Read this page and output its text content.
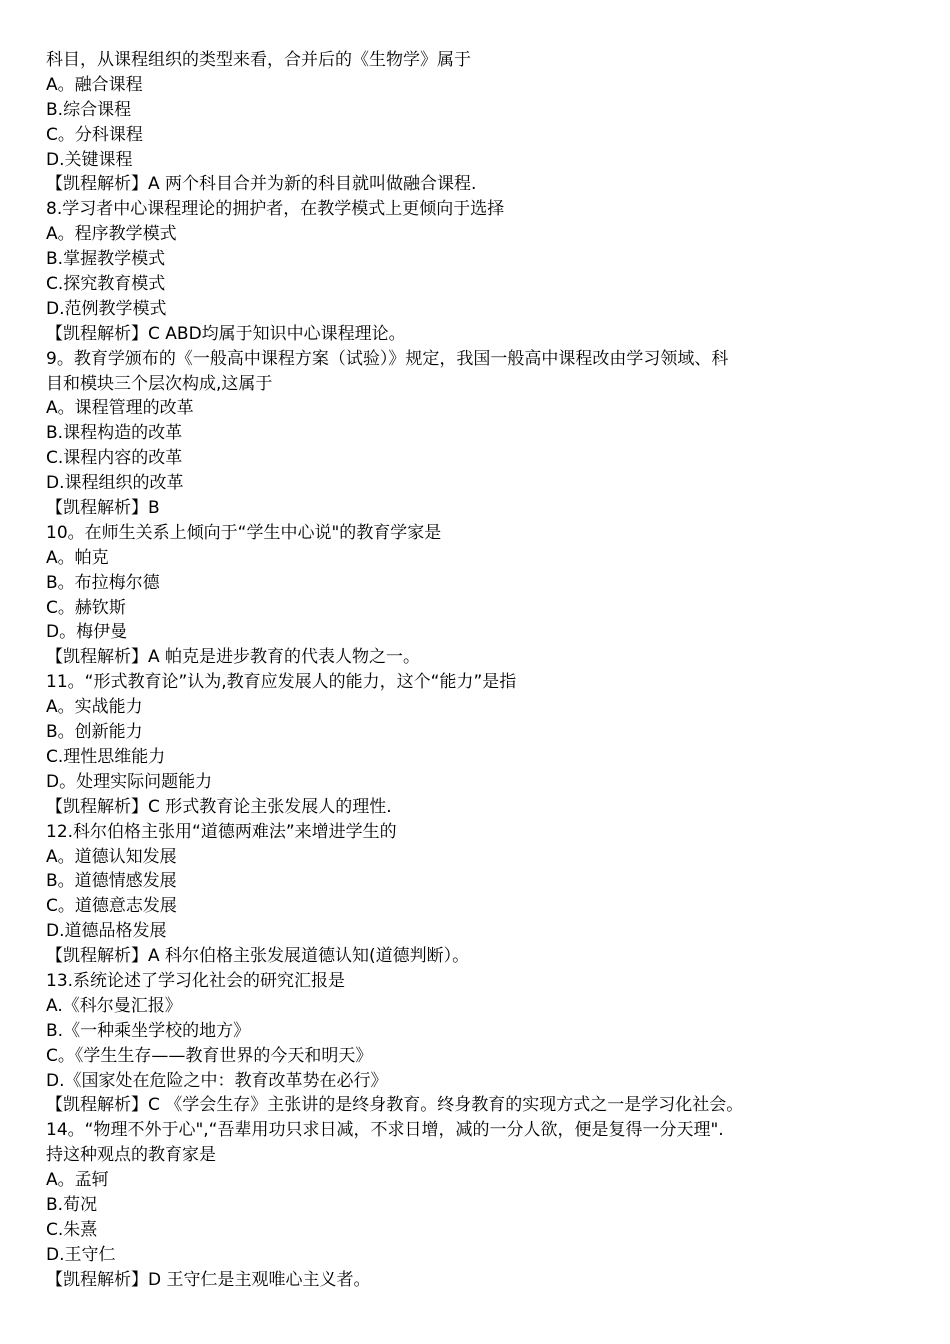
科目，从课程组织的类型来看，合并后的《生物学》属于
A。融合课程
B.综合课程
C。分科课程
D.关键课程
【凯程解析】A 两个科目合并为新的科目就叫做融合课程.
8.学习者中心课程理论的拥护者，在教学模式上更倾向于选择
A。程序教学模式
B.掌握教学模式
C.探究教育模式
D.范例教学模式
【凯程解析】C ABD均属于知识中心课程理论。
9。教育学颁布的《一般高中课程方案（试验）》规定，我国一般高中课程改由学习领域、科
目和模块三个层次构成,这属于
A。课程管理的改革
B.课程构造的改革
C.课程内容的改革
D.课程组织的改革
【凯程解析】B
10。在师生关系上倾向于“学生中心说"的教育学家是
A。帕克
B。布拉梅尔德
C。赫钦斯
D。梅伊曼
【凯程解析】A 帕克是进步教育的代表人物之一。
11。“形式教育论”认为,教育应发展人的能力，这个“能力”是指
A。实战能力
B。创新能力
C.理性思维能力
D。处理实际问题能力
【凯程解析】C 形式教育论主张发展人的理性.
12.科尔伯格主张用“道德两难法”来增进学生的
A。道德认知发展
B。道德情感发展
C。道德意志发展
D.道德品格发展
【凯程解析】A 科尔伯格主张发展道德认知(道德判断）。
13.系统论述了学习化社会的研究汇报是
A.《科尔曼汇报》
B.《一种乘坐学校的地方》
C。《学生生存——教育世界的今天和明天》
D.《国家处在危险之中：教育改革势在必行》
【凯程解析】C 《学会生存》主张讲的是终身教育。终身教育的实现方式之一是学习化社会。
14。“物理不外于心",“吾辈用功只求日减，不求日增，减的一分人欲，便是复得一分天理".
持这种观点的教育家是
A。孟轲
B.荀况
C.朱熹
D.王守仁
【凯程解析】D 王守仁是主观唯心主义者。
